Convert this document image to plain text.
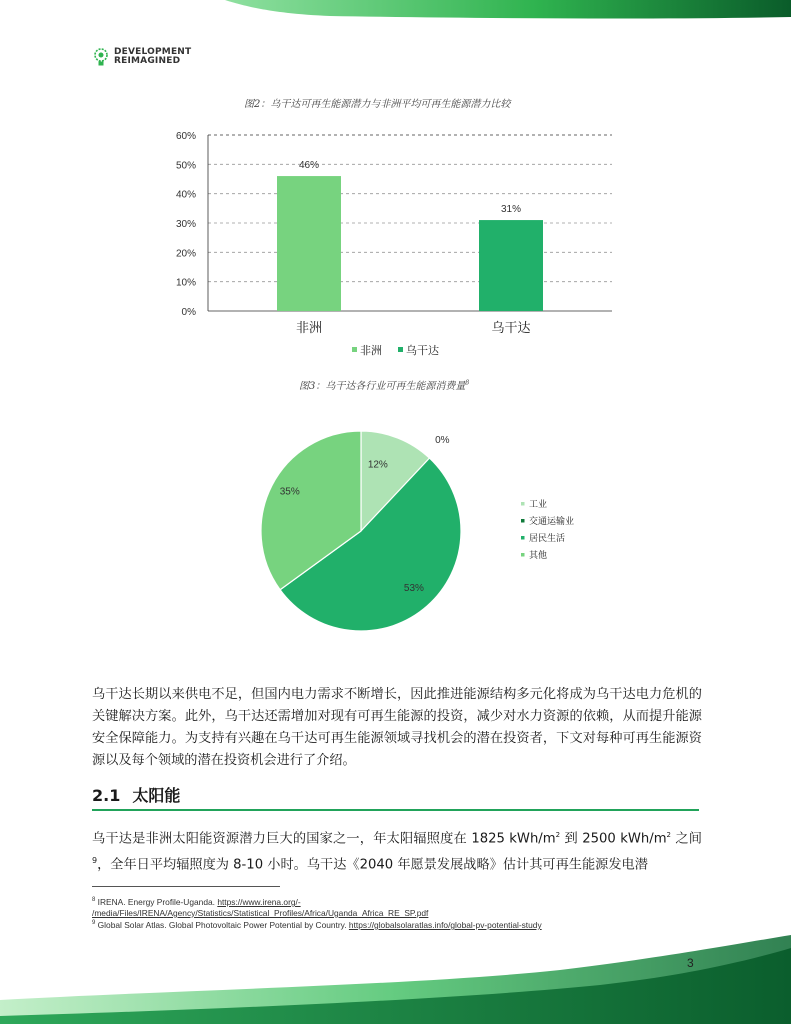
DEVELOPMENT
REIMAGINED
图2：乌干达可再生能源潜力与非洲平均可再生能源潜力比较
0%
10%
20%
30%
40%
50%
60%
46%
非洲
31%
乌干达
非洲 乌干达
图3：乌干达各行业可再生能源消费量$^8$
12%
0%
53%
35%
工业
交通运输业
居民生活
其他
乌干达长期以来供电不足，但国内电力需求不断增长，因此推进能源结构多元化将成为乌干达电力危机的关键解决方案。此外，乌干达还需增加对现有可再生能源的投资，减少对水力资源的依赖，从而提升能源安全保障能力。为支持有兴趣在乌干达可再生能源领域寻找机会的潜在投资者，下文对每种可再生能源资源以及每个领域的潜在投资机会进行了介绍。
2.1 太阳能
乌干达是非洲太阳能资源潜力巨大的国家之一，年太阳辐照度在 1825 kWh/$m^2$ 到 2500 kWh/$m^2$ 之间$^9$，全年日平均辐照度为 8-10 小时。乌干达《2040 年愿景发展战略》估计其可再生能源发电潜
$^8$ IRENA. Energy Profile-Uganda. https://www.irena.org/-
/media/Files/IRENA/Agency/Statistics/Statistical_Profiles/Africa/Uganda_Africa_RE_SP.pdf
$^9$ Global Solar Atlas. Global Photovoltaic Power Potential by Country. https://globalsolaratlas.info/global-pv-potential-study
3
